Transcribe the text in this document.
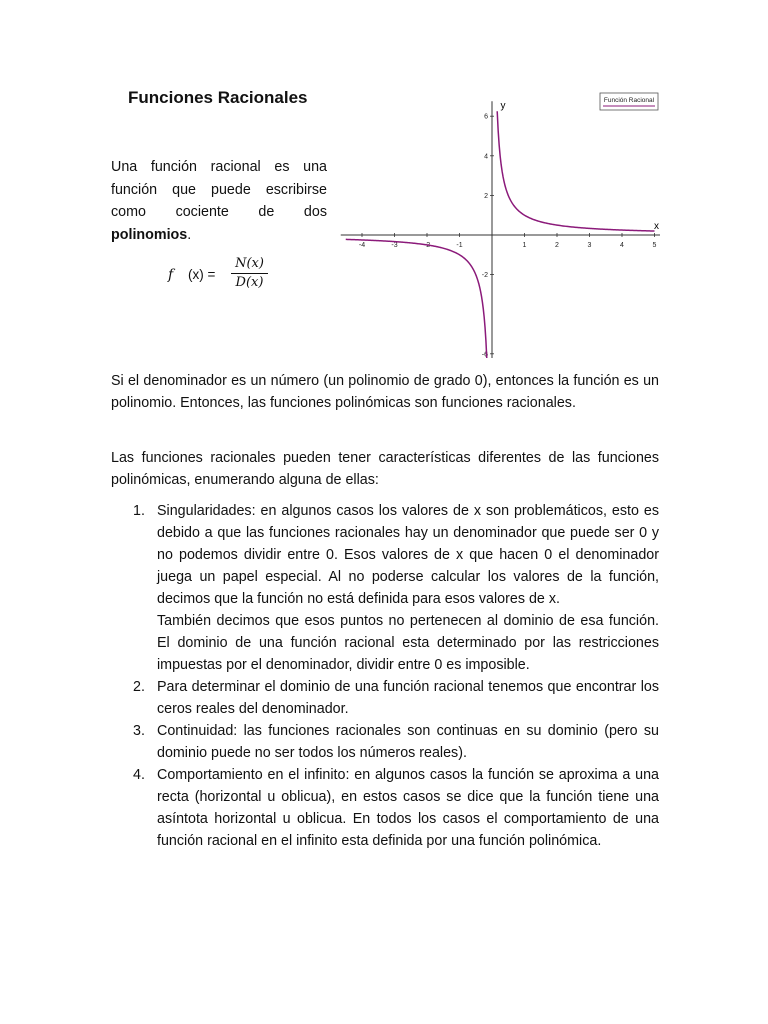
Funciones Racionales

Una función racional es una función que puede escribirse como cociente de dos polinomios.

f $(x) = \frac{N(x)}{D(x)}$
x
y
-4	-3	-2	-1	1	2	3	4	5
6
4
2
-2
-6
Función Racional

Si el denominador es un número (un polinomio de grado 0), entonces la función es un polinomio. Entonces, las funciones polinómicas son funciones racionales.

Las funciones racionales pueden tener características diferentes de las funciones polinómicas, enumerando alguna de ellas:

1. Singularidades: en algunos casos los valores de x son problemáticos, esto es debido a que las funciones racionales hay un denominador que puede ser 0 y no podemos dividir entre 0. Esos valores de x que hacen 0 el denominador juega un papel especial. Al no poderse calcular los valores de la función, decimos que la función no está definida para esos valores de x.
También decimos que esos puntos no pertenecen al dominio de esa función. El dominio de una función racional esta determinado por las restricciones impuestas por el denominador, dividir entre 0 es imposible.
2. Para determinar el dominio de una función racional tenemos que encontrar los ceros reales del denominador.
3. Continuidad: las funciones racionales son continuas en su dominio (pero su dominio puede no ser todos los números reales).
4. Comportamiento en el infinito: en algunos casos la función se aproxima a una recta (horizontal u oblicua), en estos casos se dice que la función tiene una asíntota horizontal u oblicua. En todos los casos el comportamiento de una función racional en el infinito esta definida por una función polinómica.
